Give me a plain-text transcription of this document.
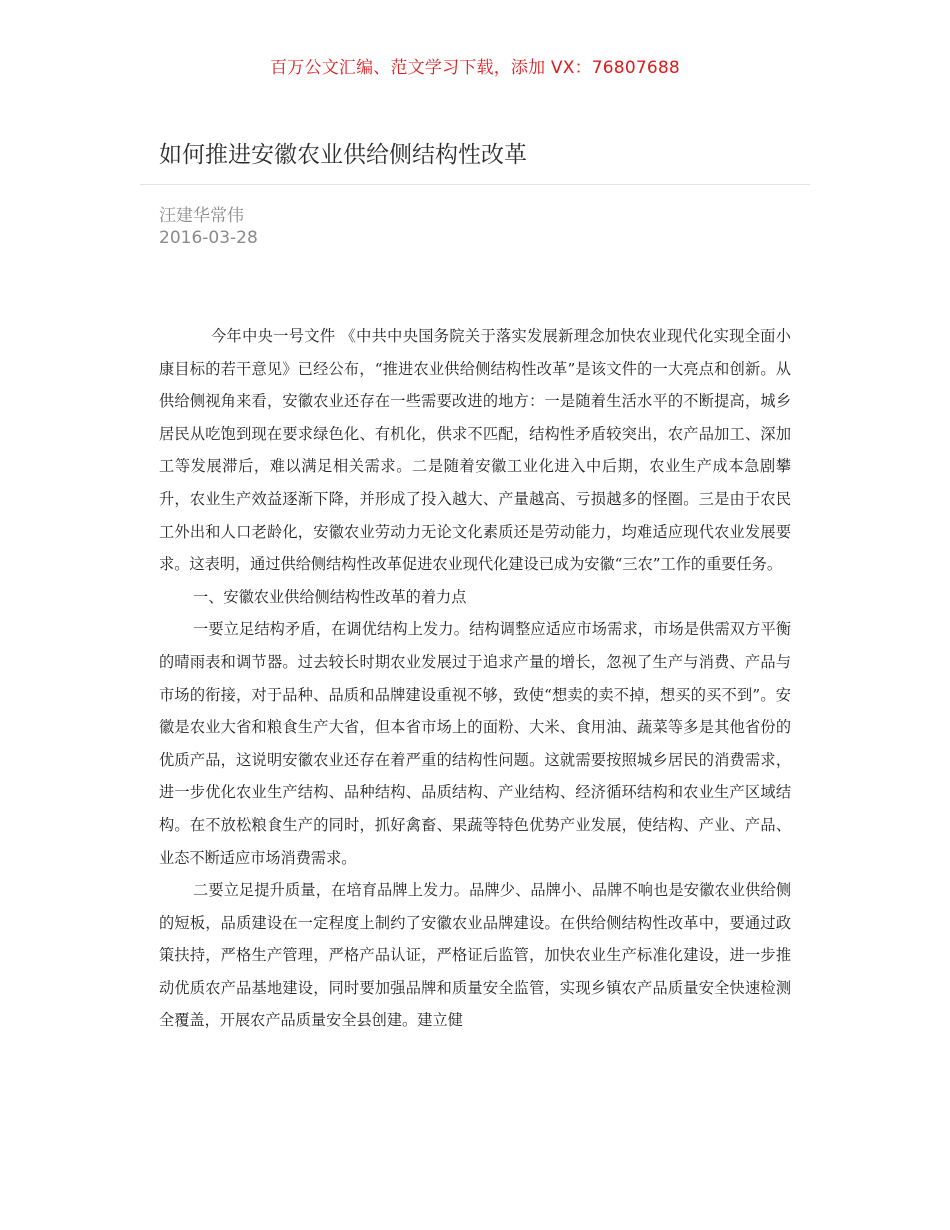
百万公文汇编、范文学习下载，添加 VX：76807688
如何推进安徽农业供给侧结构性改革
汪建华常伟
2016-03-28

今年中央一号文件 《中共中央国务院关于落实发展新理念加快农业现代化实现全面小康目标的若干意见》已经公布，“推进农业供给侧结构性改革”是该文件的一大亮点和创新。从供给侧视角来看，安徽农业还存在一些需要改进的地方：一是随着生活水平的不断提高，城乡居民从吃饱到现在要求绿色化、有机化，供求不匹配，结构性矛盾较突出，农产品加工、深加工等发展滞后，难以满足相关需求。二是随着安徽工业化进入中后期，农业生产成本急剧攀升，农业生产效益逐渐下降，并形成了投入越大、产量越高、亏损越多的怪圈。三是由于农民工外出和人口老龄化，安徽农业劳动力无论文化素质还是劳动能力，均难适应现代农业发展要求。这表明，通过供给侧结构性改革促进农业现代化建设已成为安徽“三农”工作的重要任务。

一、安徽农业供给侧结构性改革的着力点

一要立足结构矛盾，在调优结构上发力。结构调整应适应市场需求，市场是供需双方平衡的晴雨表和调节器。过去较长时期农业发展过于追求产量的增长，忽视了生产与消费、产品与市场的衔接，对于品种、品质和品牌建设重视不够，致使“想卖的卖不掉，想买的买不到”。安徽是农业大省和粮食生产大省，但本省市场上的面粉、大米、食用油、蔬菜等多是其他省份的优质产品，这说明安徽农业还存在着严重的结构性问题。这就需要按照城乡居民的消费需求，进一步优化农业生产结构、品种结构、品质结构、产业结构、经济循环结构和农业生产区域结构。在不放松粮食生产的同时，抓好禽畜、果蔬等特色优势产业发展，使结构、产业、产品、业态不断适应市场消费需求。

二要立足提升质量，在培育品牌上发力。品牌少、品牌小、品牌不响也是安徽农业供给侧的短板，品质建设在一定程度上制约了安徽农业品牌建设。在供给侧结构性改革中，要通过政策扶持，严格生产管理，严格产品认证，严格证后监管，加快农业生产标准化建设，进一步推动优质农产品基地建设，同时要加强品牌和质量安全监管，实现乡镇农产品质量安全快速检测全覆盖，开展农产品质量安全县创建。建立健
